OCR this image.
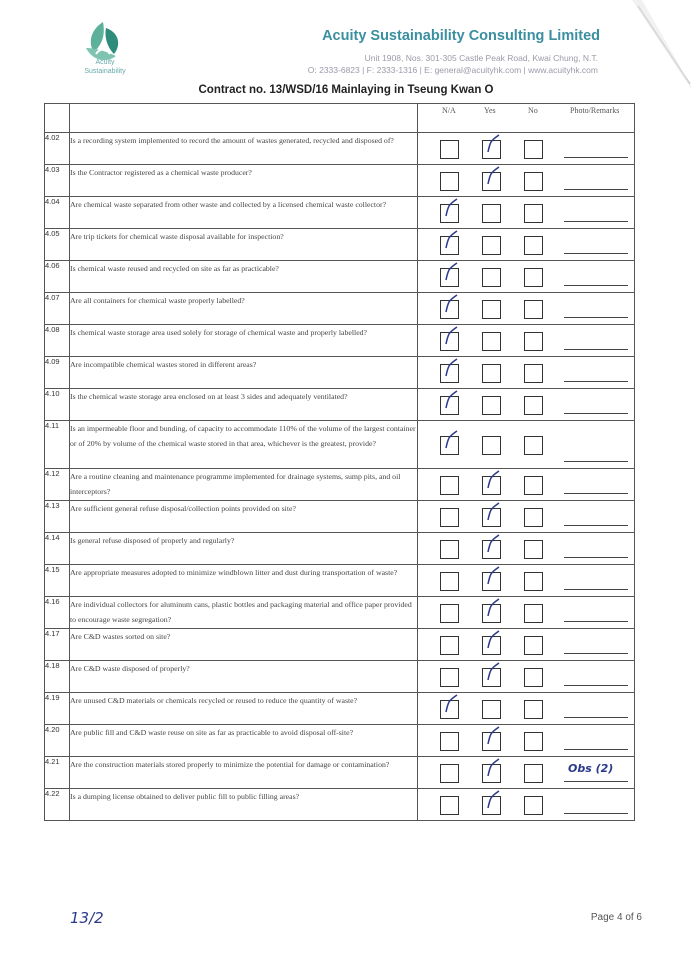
Acuity
Sustainability
Acuity Sustainability Consulting Limited
Unit 1908, Nos. 301-305 Castle Peak Road, Kwai Chung, N.T.
O: 2333-6823 | F: 2333-1316 | E: general@acuityhk.com | www.acuityhk.com
Contract no. 13/WSD/16 Mainlaying in Tseung Kwan O

		N/A Yes No Photo/Remarks

4.02	Is a recording system implemented to record the amount of wastes generated, recycled and disposed of?	

4.03	Is the Contractor registered as a chemical waste producer?	

4.04	Are chemical waste separated from other waste and collected by a licensed chemical waste collector?	

4.05	Are trip tickets for chemical waste disposal available for inspection?	

4.06	Is chemical waste reused and recycled on site as far as practicable?	

4.07	Are all containers for chemical waste properly labelled?	

4.08	Is chemical waste storage area used solely for storage of chemical waste and properly labelled?	

4.09	Are incompatible chemical wastes stored in different areas?	

4.10	Is the chemical waste storage area enclosed on at least 3 sides and adequately ventilated?	

4.11	Is an impermeable floor and bunding, of capacity to accommodate 110% of the volume of the largest container or of 20% by volume of the chemical waste stored in that area, whichever is the greatest, provide?	

4.12	Are a routine cleaning and maintenance programme implemented for drainage systems, sump pits, and oil interceptors?	

4.13	Are sufficient general refuse disposal/collection points provided on site?	

4.14	Is general refuse disposed of properly and regularly?	

4.15	Are appropriate measures adopted to minimize windblown litter and dust during transportation of waste?	

4.16	Are individual collectors for aluminum cans, plastic bottles and packaging material and office paper provided to encourage waste segregation?	

4.17	Are C&D wastes sorted on site?	

4.18	Are C&D waste disposed of properly?	

4.19	Are unused C&D materials or chemicals recycled or reused to reduce the quantity of waste?	

4.20	Are public fill and C&D waste reuse on site as far as practicable to avoid disposal off-site?	

4.21	Are the construction materials stored properly to minimize the potential for damage or contamination?	Obs (2)

4.22	Is a dumping license obtained to deliver public fill to public filling areas?	
13/2	Page 4 of 6
